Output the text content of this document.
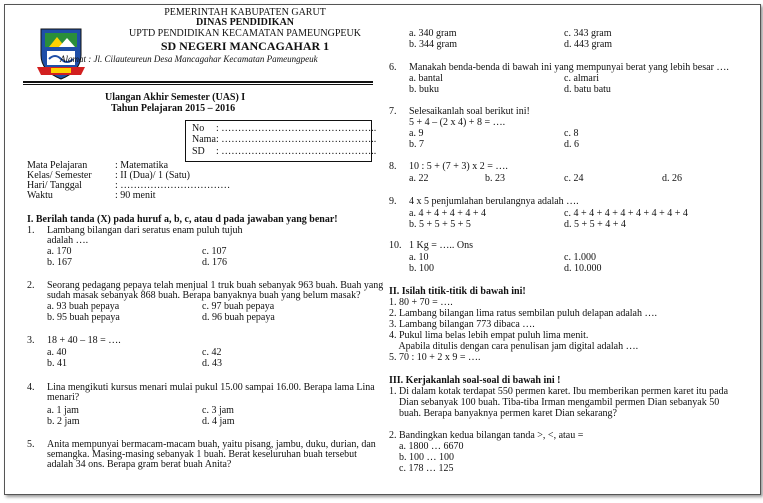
PEMERINTAH KABUPATEN GARUT
DINAS PENDIDIKAN
UPTD PENDIDIKAN KECAMATAN PAMEUNGPEUK
SD NEGERI MANCAGAHAR 1
Alamat : Jl. Cilauteureun Desa Mancagahar Kecamatan Pameungpeuk
Ulangan Akhir Semester (UAS) I
Tahun Pelajaran 2015 – 2016
No : ………………………………………..
Nama : ………………………………………..
SD : ………………………………………..
Mata Pelajaran	: Matematika
Kelas/ Semester : II (Dua)/ 1 (Satu)
Hari/ Tanggal	: ……………………………
Waktu	: 90 menit
I. Berilah tanda (X) pada huruf a, b, c, atau d pada jawaban yang benar!
1. Lambang bilangan dari seratus enam puluh tujuh
adalah ….
a. 170	c. 107
b. 167	d. 176
2. Seorang pedagang pepaya telah menjual 1 truk buah sebanyak 963 buah. Buah yang
sudah masak sebanyak 868 buah. Berapa banyaknya buah yang belum masak?
a. 93 buah pepaya	c. 97 buah pepaya
b. 95 buah pepaya	d. 96 buah pepaya
3. 18 + 40 – 18 = ….
a. 40	c. 42
b. 41	d. 43
4. Lina mengikuti kursus menari mulai pukul 15.00 sampai 16.00. Berapa lama Lina
menari?
a. 1 jam	c. 3 jam
b. 2 jam	d. 4 jam
5. Anita mempunyai bermacam-macam buah, yaitu pisang, jambu, duku, durian, dan
semangka. Masing-masing sebanyak 1 buah. Berat keseluruhan buah tersebut
adalah 34 ons. Berapa gram berat buah Anita?
a. 340 gram	c. 343 gram
b. 344 gram	d. 443 gram
6. Manakah benda-benda di bawah ini yang mempunyai berat yang lebih besar ….
a. bantal	c. almari
b. buku	d. batu batu
7. Selesaikanlah soal berikut ini!
5 + 4 – (2 x 4) + 8 = ….
a. 9	c. 8
b. 7	d. 6
8. 10 : 5 + (7 + 3) x 2 = ….
a. 22	b. 23	c. 24	d. 26
9. 4 x 5 penjumlahan berulangnya adalah ….
a. 4 + 4 + 4 + 4 + 4	c. 4 + 4 + 4 + 4 + 4 + 4 + 4 + 4
b. 5 + 5 + 5 + 5	d. 5 + 5 + 4 + 4
10. 1 Kg = ….. Ons
a. 10	c. 1.000
b. 100	d. 10.000
II. Isilah titik-titik di bawah ini!
1. 80 + 70 = ….
2. Lambang bilangan lima ratus sembilan puluh delapan adalah ….
3. Lambang bilangan 773 dibaca ….
4. Pukul lima belas lebih empat puluh lima menit.
Apabila ditulis dengan cara penulisan jam digital adalah ….
5. 70 : 10 + 2 x 9 = ….
III. Kerjakanlah soal-soal di bawah ini !
1. Di dalam kotak terdapat 550 permen karet. Ibu memberikan permen karet itu pada
Dian sebanyak 100 buah. Tiba-tiba Irman mengambil permen Dian sebanyak 50
buah. Berapa banyaknya permen karet Dian sekarang?
2. Bandingkan kedua bilangan tanda >, <, atau =
a. 1800 … 6670
b. 100 … 100
c. 178 … 125
